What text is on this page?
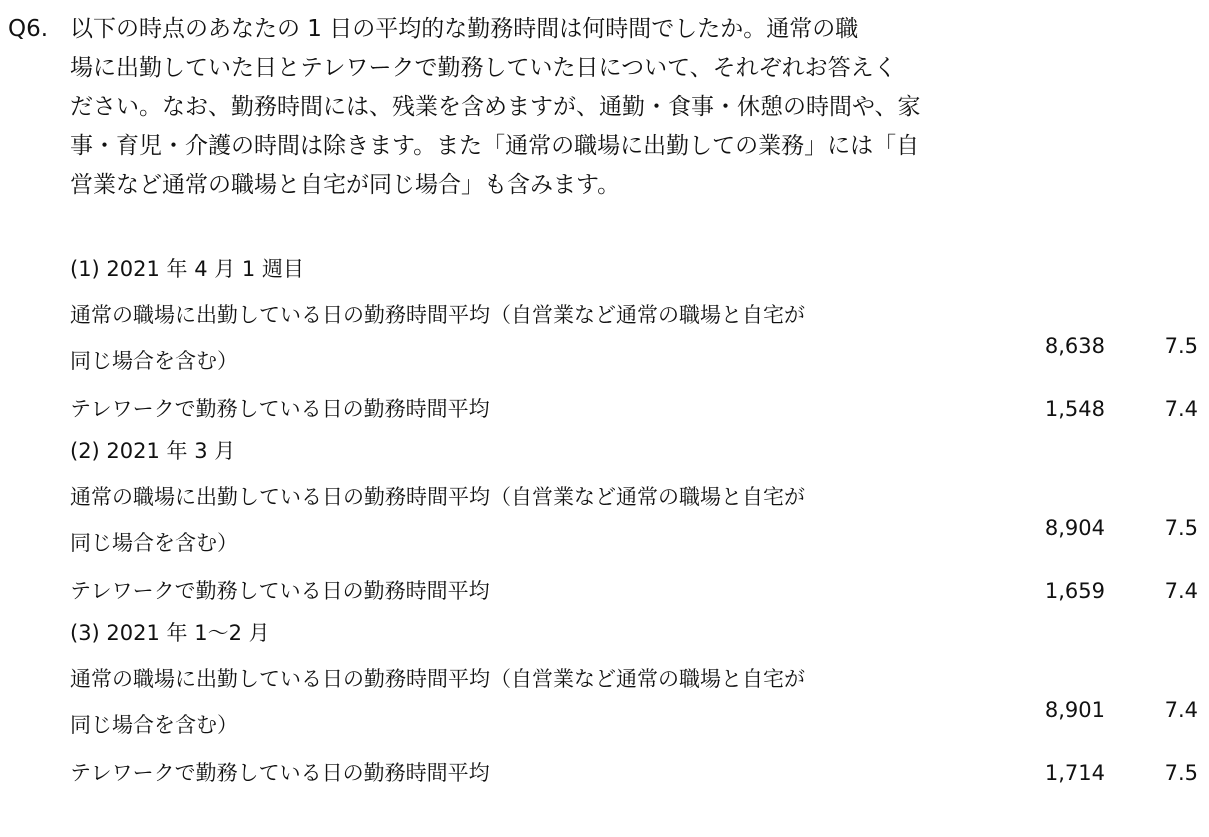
Q6. 以下の時点のあなたの 1 日の平均的な勤務時間は何時間でしたか。通常の職
場に出勤していた日とテレワークで勤務していた日について、それぞれお答えく
ださい。なお、勤務時間には、残業を含めますが、通勤・食事・休憩の時間や、家
事・育児・介護の時間は除きます。また「通常の職場に出勤しての業務」には「自
営業など通常の職場と自宅が同じ場合」も含みます。
(1) 2021 年 4 月 1 週目
通常の職場に出勤している日の勤務時間平均（自営業など通常の職場と自宅が
同じ場合を含む）
8,638	7.5
テレワークで勤務している日の勤務時間平均	1,548	7.4
(2) 2021 年 3 月
通常の職場に出勤している日の勤務時間平均（自営業など通常の職場と自宅が
同じ場合を含む）
8,904	7.5
テレワークで勤務している日の勤務時間平均	1,659	7.4
(3) 2021 年 1～2 月
通常の職場に出勤している日の勤務時間平均（自営業など通常の職場と自宅が
同じ場合を含む）
8,901	7.4
テレワークで勤務している日の勤務時間平均	1,714	7.5
